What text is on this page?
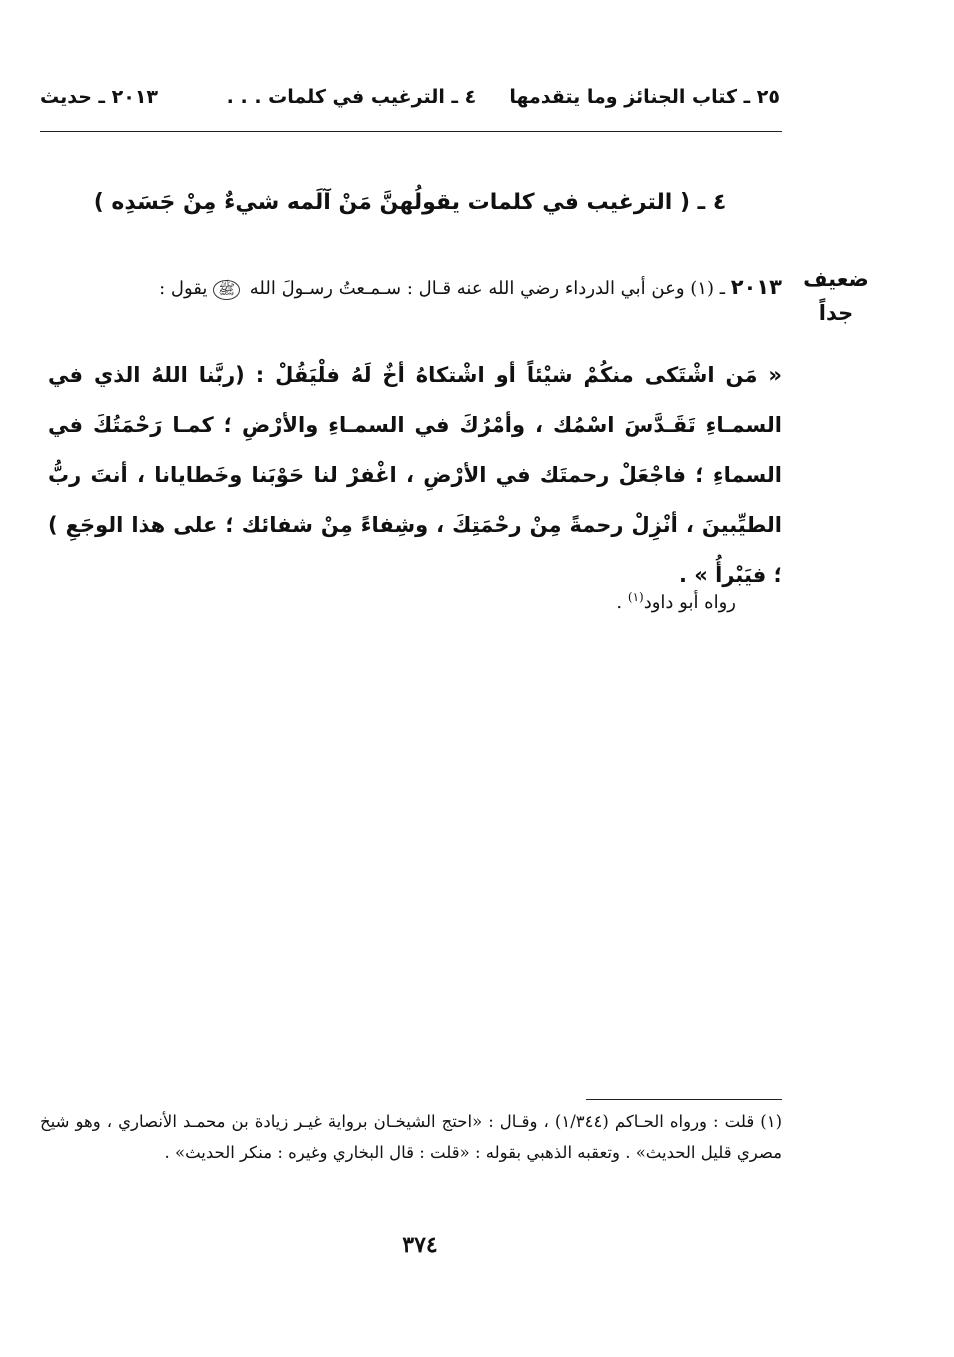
٢٥ ـ كتاب الجنائز وما يتقدمها     ٤ ـ الترغيب في كلمات . . .
٢٠١٣ ـ حديث
٤ ـ ( الترغيب في كلمات يقولُهنَّ مَنْ آلَمه شيءٌ مِنْ جَسَدِه )
ضعيف
جداً
٢٠١٣ ـ (١) وعن أبي الدرداء رضي الله عنه قـال : سـمـعتُ رسـولَ الله ﷺ يقول :
« مَن اشْتَكى منكُمْ شيْئاً أو اشْتكاهُ أخٌ لَهُ فلْيَقُلْ : (ربَّنا اللهُ الذي في السمـاءِ تَقَـدَّسَ اسْمُك ، وأمْرُكَ في السمـاءِ والأرْضِ ؛ كمـا رَحْمَتُكَ في السماءِ ؛ فاجْعَلْ رحمتَك في الأرْضِ ، اغْفرْ لنا حَوْبَنا وخَطايانا ، أنتَ ربُّ الطيِّبينَ ، أنْزِلْ رحمةً مِنْ رحْمَتِكَ ، وشِفاءً مِنْ شفائك ؛ على هذا الوجَعِ ) ؛ فيَبْرأُ » .
رواه أبو داود$^{(١)}$ .
(١) قلت : ورواه الحـاكم (١/٣٤٤) ، وقـال : «احتج الشيخـان برواية غيـر زيادة بن محمـد الأنصاري ، وهو شيخ مصري قليل الحديث» . وتعقبه الذهبي بقوله : «قلت : قال البخاري وغيره : منكر الحديث» .
٣٧٤
